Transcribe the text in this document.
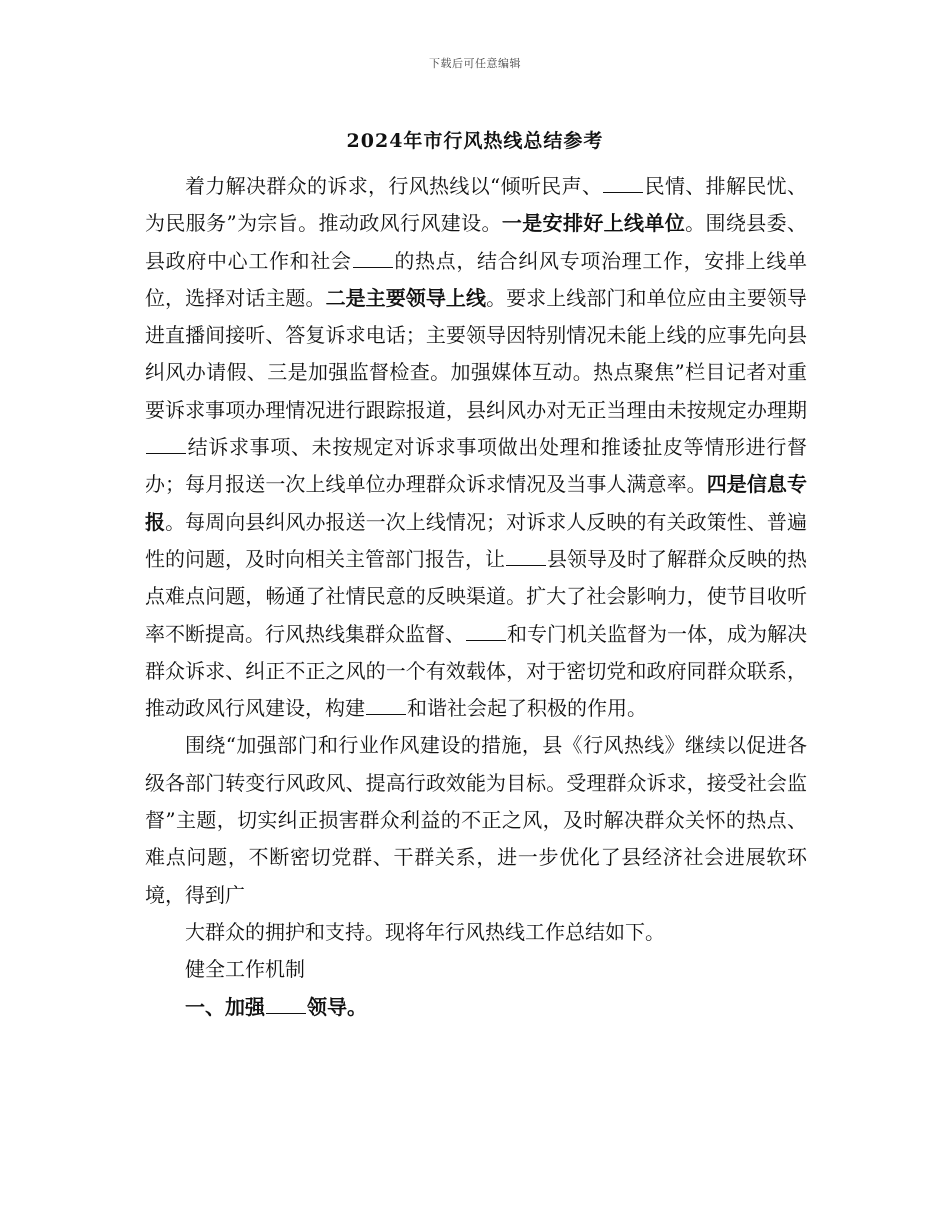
下载后可任意编辑
2024年市行风热线总结参考

着力解决群众的诉求，行风热线以“倾听民声、 民情、排解民忧、为民服务”为宗旨。推动政风行风建设。一是安排好上线单位。围绕县委、县政府中心工作和社会 的热点，结合纠风专项治理工作，安排上线单位，选择对话主题。二是主要领导上线。要求上线部门和单位应由主要领导进直播间接听、答复诉求电话；主要领导因特别情况未能上线的应事先向县纠风办请假、三是加强监督检查。加强媒体互动。热点聚焦”栏目记者对重要诉求事项办理情况进行跟踪报道，县纠风办对无正当理由未按规定办理期结诉求事项、未按规定对诉求事项做出处理和推诿扯皮等情形进行督办；每月报送一次上线单位办理群众诉求情况及当事人满意率。四是信息专报。每周向县纠风办报送一次上线情况；对诉求人反映的有关政策性、普遍性的问题，及时向相关主管部门报告，让 县领导及时了解群众反映的热点难点问题，畅通了社情民意的反映渠道。扩大了社会影响力，使节目收听率不断提高。行风热线集群众监督、 和专门机关监督为一体，成为解决群众诉求、纠正不正之风的一个有效载体，对于密切党和政府同群众联系，推动政风行风建设，构建 和谐社会起了积极的作用。

围绕“加强部门和行业作风建设的措施，县《行风热线》继续以促进各级各部门转变行风政风、提高行政效能为目标。受理群众诉求，接受社会监督”主题，切实纠正损害群众利益的不正之风，及时解决群众关怀的热点、难点问题，不断密切党群、干群关系，进一步优化了县经济社会进展软环境，得到广

大群众的拥护和支持。现将年行风热线工作总结如下。

健全工作机制

一、加强 领导。
